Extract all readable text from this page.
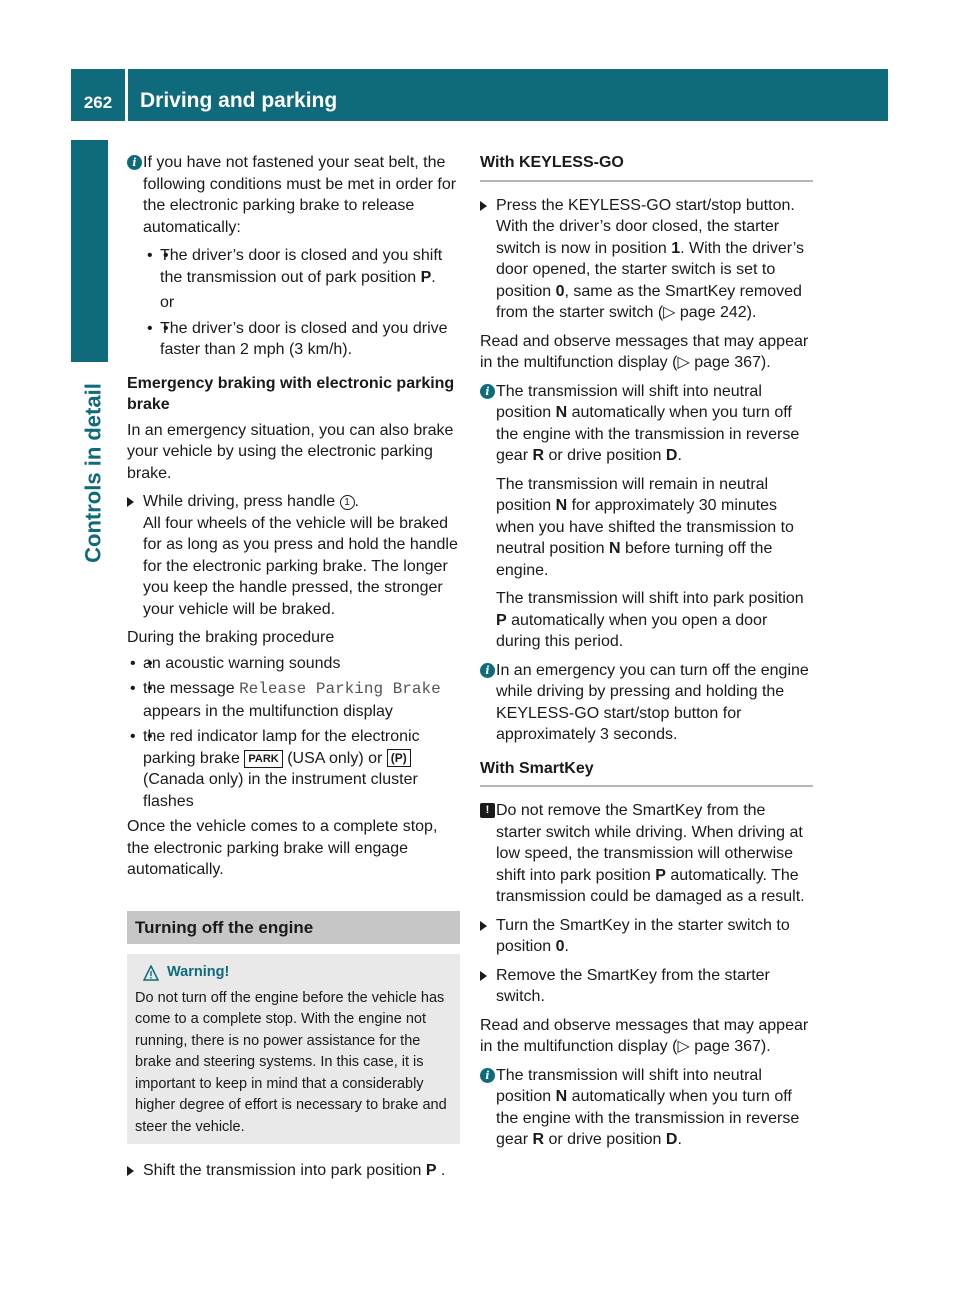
262	Driving and parking
Controls in detail
i If you have not fastened your seat belt, the following conditions must be met in order for the electronic parking brake to release automatically:

• • The driver’s door is closed and you shift the transmission out of park position P.

or

• • The driver’s door is closed and you drive faster than 2 mph (3 km/h).

Emergency braking with electronic parking brake

In an emergency situation, you can also brake your vehicle by using the electronic parking brake.

While driving, press handle 1 .
All four wheels of the vehicle will be braked for as long as you press and hold the handle for the electronic parking brake. The longer you keep the handle pressed, the stronger your vehicle will be braked.

During the braking procedure

• • an acoustic warning sounds
• • the message Release Parking Brake appears in the multifunction display
• • the red indicator lamp for the electronic parking brake PARK (USA only) or (P) (Canada only) in the instrument cluster flashes

Once the vehicle comes to a complete stop, the electronic parking brake will engage automatically.

Turning off the engine
Warning!
Do not turn off the engine before the vehicle has come to a complete stop. With the engine not running, there is no power assistance for the brake and steering systems. In this case, it is important to keep in mind that a considerably higher degree of effort is necessary to brake and steer the vehicle.
Shift the transmission into park position P .
With KEYLESS-GO
Press the KEYLESS-GO start/stop button.
With the driver’s door closed, the starter switch is now in position 1. With the driver’s door opened, the starter switch is set to position 0, same as the SmartKey removed from the starter switch (▷ page 242).

Read and observe messages that may appear in the multifunction display (▷ page 367).

i The transmission will shift into neutral position N automatically when you turn off the engine with the transmission in reverse gear R or drive position D.

The transmission will remain in neutral position N for approximately 30 minutes when you have shifted the transmission to neutral position N before turning off the engine.

The transmission will shift into park position P automatically when you open a door during this period.

i In an emergency you can turn off the engine while driving by pressing and holding the KEYLESS-GO start/stop button for approximately 3 seconds.

With SmartKey
! Do not remove the SmartKey from the starter switch while driving. When driving at low speed, the transmission will otherwise shift into park position P automatically. The transmission could be damaged as a result.

Turn the SmartKey in the starter switch to position 0.
Remove the SmartKey from the starter switch.

Read and observe messages that may appear in the multifunction display (▷ page 367).

i The transmission will shift into neutral position N automatically when you turn off the engine with the transmission in reverse gear R or drive position D.
